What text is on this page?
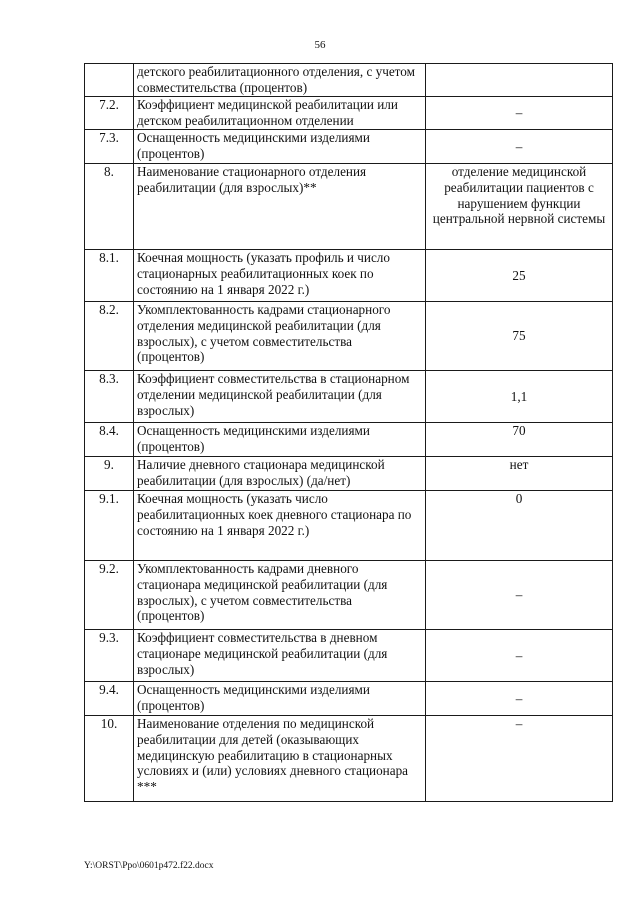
56
	детского реабилитационного отделения, с учетом совместительства (процентов)	
7.2.	Коэффициент медицинской реабилитации или детском реабилитационном отделении	–
7.3.	Оснащенность медицинскими изделиями (процентов)	–
8.	Наименование стационарного отделения реабилитации (для взрослых)**	отделение медицинской реабилитации пациентов с нарушением функции центральной нервной системы
8.1.	Коечная мощность (указать профиль и число стационарных реабилитационных коек по состоянию на 1 января 2022 г.)	25
8.2.	Укомплектованность кадрами стационарного отделения медицинской реабилитации (для взрослых), с учетом совместительства (процентов)	75
8.3.	Коэффициент совместительства в стационарном отделении медицинской реабилитации (для взрослых)	1,1
8.4.	Оснащенность медицинскими изделиями (процентов)	70
9.	Наличие дневного стационара медицинской реабилитации (для взрослых) (да/нет)	нет
9.1.	Коечная мощность (указать число реабилитационных коек дневного стационара по состоянию на 1 января 2022 г.)	0
9.2.	Укомплектованность кадрами дневного стационара медицинской реабилитации (для взрослых), с учетом совместительства (процентов)	–
9.3.	Коэффициент совместительства в дневном стационаре медицинской реабилитации (для взрослых)	–
9.4.	Оснащенность медицинскими изделиями (процентов)	–
10.	Наименование отделения по медицинской реабилитации для детей (оказывающих медицинскую реабилитацию в стационарных условиях и (или) условиях дневного стационара ***	–
Y:\ORST\Ppo\0601p472.f22.docx
